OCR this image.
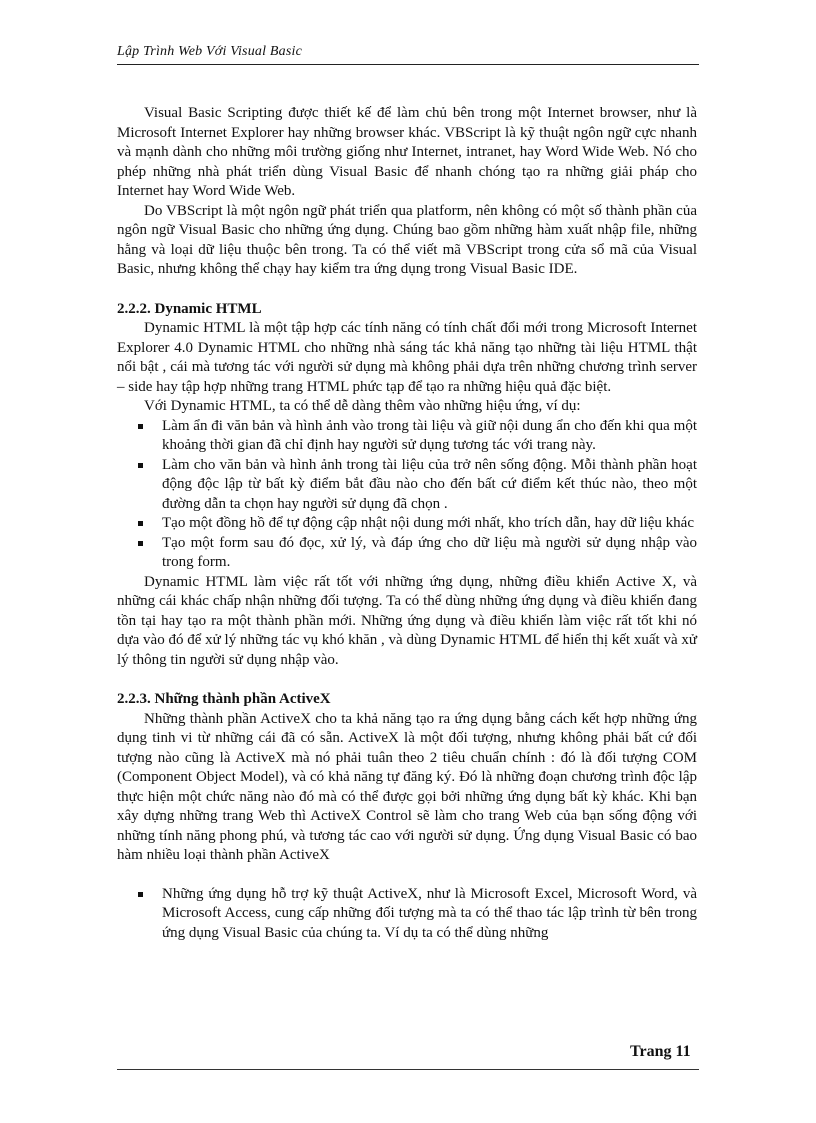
Lập Trình Web Với Visual Basic

Visual Basic Scripting được thiết kế để làm chủ bên trong một Internet browser, như là Microsoft Internet Explorer hay những browser khác. VBScript là kỹ thuật ngôn ngữ cực nhanh và mạnh dành cho những môi trường giống như Internet, intranet, hay Word Wide Web. Nó cho phép những nhà phát triển dùng Visual Basic để nhanh chóng tạo ra những giải pháp cho Internet hay Word Wide Web.

Do VBScript là một ngôn ngữ phát triển qua platform, nên không có một số thành phần của ngôn ngữ Visual Basic cho những ứng dụng. Chúng bao gồm những hàm xuất nhập file, những hằng và loại dữ liệu thuộc bên trong. Ta có thể viết mã VBScript trong cửa sổ mã của Visual Basic, nhưng không thể chạy hay kiểm tra ứng dụng trong Visual Basic IDE.

2.2.2. Dynamic HTML

Dynamic HTML là một tập hợp các tính năng có tính chất đổi mới trong Microsoft Internet Explorer 4.0 Dynamic HTML cho những nhà sáng tác khả năng tạo những tài liệu HTML thật nổi bật , cái mà tương tác với người sử dụng mà không phải dựa trên những chương trình server – side hay tập hợp những trang HTML phức tạp để tạo ra những hiệu quả đặc biệt.

Với Dynamic HTML, ta có thể dễ dàng thêm vào những hiệu ứng, ví dụ:

Làm ẩn đi văn bản và hình ảnh vào trong tài liệu và giữ nội dung ẩn cho đến khi qua một khoảng thời gian đã chỉ định hay người sử dụng tương tác với trang này.
Làm cho văn bản và hình ảnh trong tài liệu của trở nên sống động. Mỗi thành phần hoạt động độc lập từ bất kỳ điểm bắt đầu nào cho đến bất cứ điểm kết thúc nào, theo một đường dẫn ta chọn hay người sử dụng đã chọn .
Tạo một đồng hồ để tự động cập nhật nội dung mới nhất, kho trích dẫn, hay dữ liệu khác
Tạo một form sau đó đọc, xử lý, và đáp ứng cho dữ liệu mà người sử dụng nhập vào trong form.

Dynamic HTML làm việc rất tốt với những ứng dụng, những điều khiển Active X, và những cái khác chấp nhận những đối tượng. Ta có thể dùng những ứng dụng và điều khiển đang tồn tại hay tạo ra một thành phần mới. Những ứng dụng và điều khiển làm việc rất tốt khi nó dựa vào đó để xử lý những tác vụ khó khăn , và dùng Dynamic HTML để hiển thị kết xuất và xử lý thông tin người sử dụng nhập vào.

2.2.3. Những thành phần ActiveX

Những thành phần ActiveX cho ta khả năng tạo ra ứng dụng bằng cách kết hợp những ứng dụng tinh vi từ những cái đã có sẵn. ActiveX là một đối tượng, nhưng không phải bất cứ đối tượng nào cũng là ActiveX mà nó phải tuân theo 2 tiêu chuẩn chính : đó là đối tượng COM (Component Object Model), và có khả năng tự đăng ký. Đó là những đoạn chương trình độc lập thực hiện một chức năng nào đó mà có thể được gọi bởi những ứng dụng bất kỳ khác. Khi bạn xây dựng những trang Web thì ActiveX Control sẽ làm cho trang Web của bạn sống động với những tính năng phong phú, và tương tác cao với người sử dụng. Ứng dụng Visual Basic có bao hàm nhiều loại thành phần ActiveX

Những ứng dụng hỗ trợ kỹ thuật ActiveX, như là Microsoft Excel, Microsoft Word, và Microsoft Access, cung cấp những đối tượng mà ta có thể thao tác lập trình từ bên trong ứng dụng Visual Basic của chúng ta. Ví dụ ta có thể dùng những
Trang 11
